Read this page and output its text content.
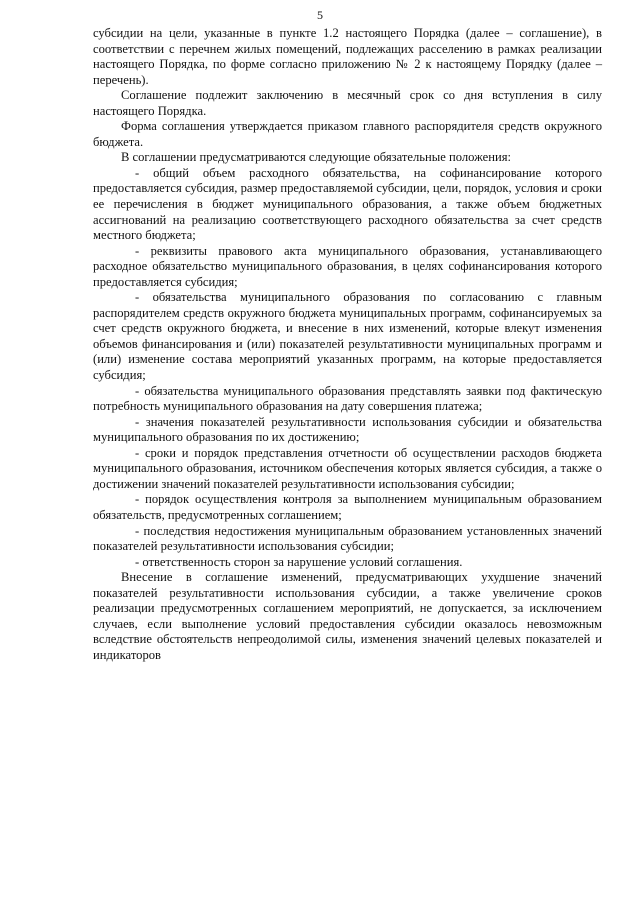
5

субсидии на цели, указанные в пункте 1.2 настоящего Порядка (далее – соглашение), в соответствии с перечнем жилых помещений, подлежащих расселению в рамках реализации настоящего Порядка, по форме согласно приложению № 2 к настоящему Порядку (далее – перечень).

Соглашение подлежит заключению в месячный срок со дня вступления в силу настоящего Порядка.

Форма соглашения утверждается приказом главного распорядителя средств окружного бюджета.

В соглашении предусматриваются следующие обязательные положения:

- общий объем расходного обязательства, на софинансирование которого предоставляется субсидия, размер предоставляемой субсидии, цели, порядок, условия и сроки ее перечисления в бюджет муниципального образования, а также объем бюджетных ассигнований на реализацию соответствующего расходного обязательства за счет средств местного бюджета;

- реквизиты правового акта муниципального образования, устанавливающего расходное обязательство муниципального образования, в целях софинансирования которого предоставляется субсидия;

- обязательства муниципального образования по согласованию с главным распорядителем средств окружного бюджета муниципальных программ, софинансируемых за счет средств окружного бюджета, и внесение в них изменений, которые влекут изменения объемов финансирования и (или) показателей результативности муниципальных программ и (или) изменение состава мероприятий указанных программ, на которые предоставляется субсидия;

- обязательства муниципального образования представлять заявки под фактическую потребность муниципального образования на дату совершения платежа;

- значения показателей результативности использования субсидии и обязательства муниципального образования по их достижению;

- сроки и порядок представления отчетности об осуществлении расходов бюджета муниципального образования, источником обеспечения которых является субсидия, а также о достижении значений показателей результативности использования субсидии;

- порядок осуществления контроля за выполнением муниципальным образованием обязательств, предусмотренных соглашением;

- последствия недостижения муниципальным образованием установленных значений показателей результативности использования субсидии;

- ответственность сторон за нарушение условий соглашения.

Внесение в соглашение изменений, предусматривающих ухудшение значений показателей результативности использования субсидии, а также увеличение сроков реализации предусмотренных соглашением мероприятий, не допускается, за исключением случаев, если выполнение условий предоставления субсидии оказалось невозможным вследствие обстоятельств непреодолимой силы, изменения значений целевых показателей и индикаторов
